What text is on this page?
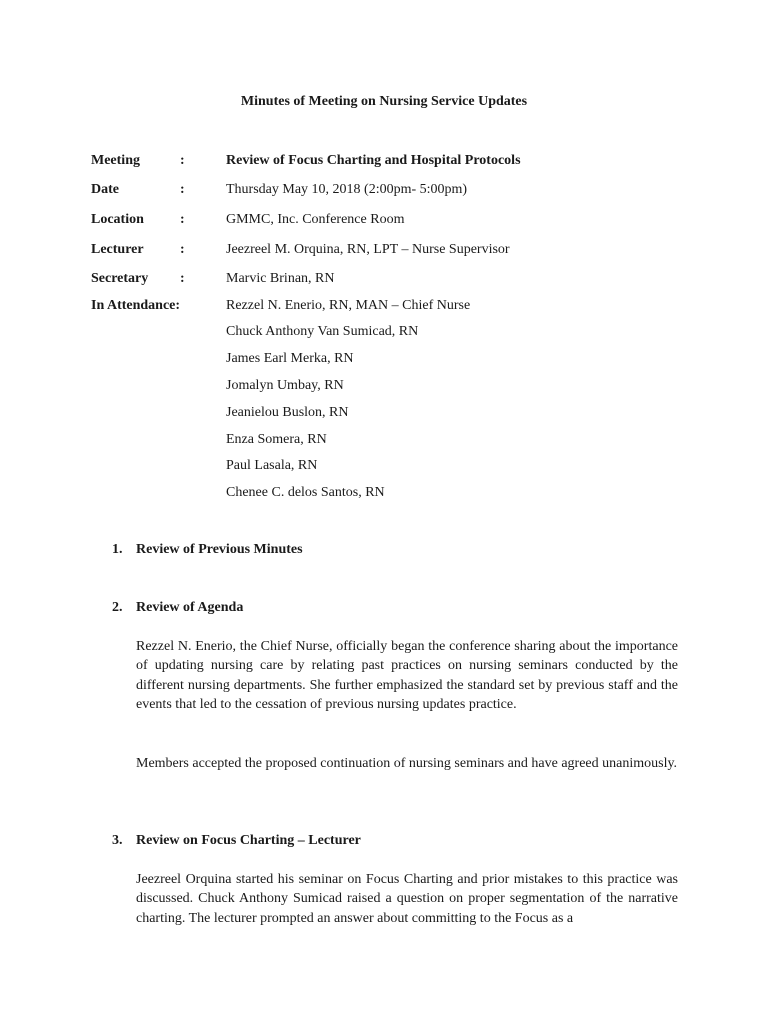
Minutes of Meeting on Nursing Service Updates
Meeting	:	Review of Focus Charting and Hospital Protocols
Date	:	Thursday May 10, 2018 (2:00pm- 5:00pm)
Location	:	GMMC, Inc. Conference Room
Lecturer	:	Jeezreel M. Orquina, RN, LPT – Nurse Supervisor
Secretary :	Marvic Brinan, RN
In Attendance:	Rezzel N. Enerio, RN, MAN – Chief Nurse
Chuck Anthony Van Sumicad, RN
James Earl Merka, RN
Jomalyn Umbay, RN
Jeanielou Buslon, RN
Enza Somera, RN
Paul Lasala, RN
Chenee C. delos Santos, RN
1. Review of Previous Minutes
2. Review of Agenda
Rezzel N. Enerio, the Chief Nurse, officially began the conference sharing about the importance of updating nursing care by relating past practices on nursing seminars conducted by the different nursing departments. She further emphasized the standard set by previous staff and the events that led to the cessation of previous nursing updates practice.
Members accepted the proposed continuation of nursing seminars and have agreed unanimously.
3. Review on Focus Charting – Lecturer
Jeezreel Orquina started his seminar on Focus Charting and prior mistakes to this practice was discussed. Chuck Anthony Sumicad raised a question on proper segmentation of the narrative charting. The lecturer prompted an answer about committing to the Focus as a
